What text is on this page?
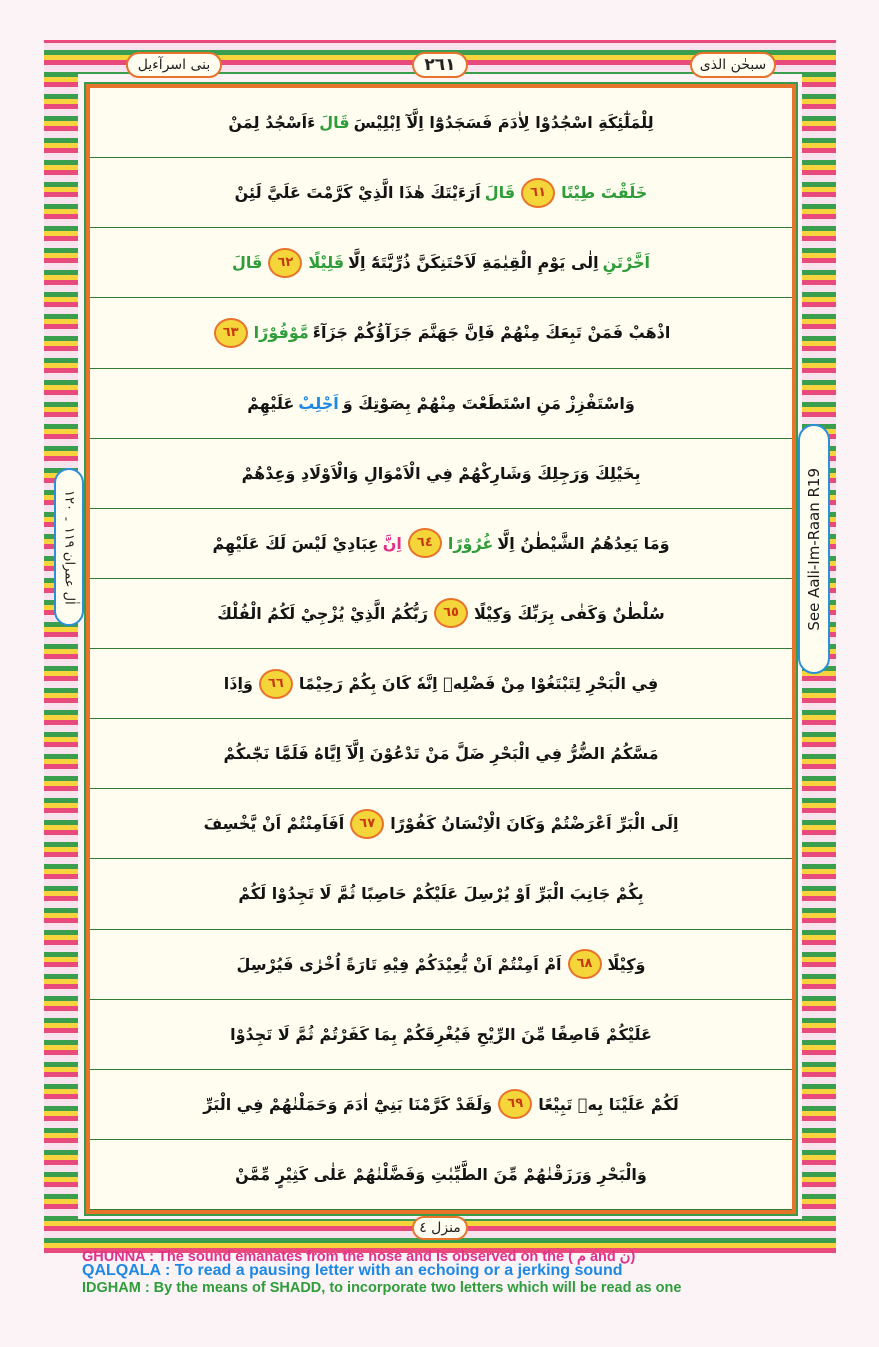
بنی اسرآءیل	٢٦١	سبحٰن الذی
لِلْمَلٰٓئِكَةِ اسْجُدُوْا لِاٰدَمَ فَسَجَدُوْٓا اِلَّآ اِبْلِيْسَ
قَالَ
ءَاَسْجُدُ لِمَنْ
خَلَقْتَ طِيْنًا
٦١
قَالَ
اَرَءَيْتَكَ هٰذَا الَّذِيْ كَرَّمْتَ عَلَيَّ لَئِنْ
اَخَّرْتَنِ
اِلٰى يَوْمِ الْقِيٰمَةِ لَاَحْتَنِكَنَّ ذُرِّيَّتَهٗٓ اِلَّا
قَلِيْلًا
٦٢
قَالَ
اذْهَبْ فَمَنْ تَبِعَكَ مِنْهُمْ فَاِنَّ جَهَنَّمَ جَزَآؤُكُمْ جَزَآءً
مَّوْفُوْرًا
٦٣
وَاسْتَفْزِزْ مَنِ اسْتَطَعْتَ مِنْهُمْ بِصَوْتِكَ وَ
اَجْلِبْ
عَلَيْهِمْ
بِخَيْلِكَ وَرَجِلِكَ وَشَارِكْهُمْ فِي الْاَمْوَالِ وَالْاَوْلَادِ وَعِدْهُمْ
وَمَا يَعِدُهُمُ الشَّيْطٰنُ اِلَّا
غُرُوْرًا
٦٤
اِنَّ
عِبَادِيْ لَيْسَ لَكَ عَلَيْهِمْ
سُلْطٰنٌ وَكَفٰى بِرَبِّكَ وَكِيْلًا
٦٥
رَبُّكُمُ الَّذِيْ يُزْجِيْ لَكُمُ الْفُلْكَ
فِي الْبَحْرِ لِتَبْتَغُوْا مِنْ فَضْلِهٖ اِنَّهٗ كَانَ بِكُمْ رَحِيْمًا
٦٦
وَاِذَا
مَسَّكُمُ الضُّرُّ فِي الْبَحْرِ ضَلَّ مَنْ تَدْعُوْنَ اِلَّآ اِيَّاهُ فَلَمَّا نَجّٰىكُمْ
اِلَى الْبَرِّ اَعْرَضْتُمْ وَكَانَ الْاِنْسَانُ كَفُوْرًا
٦٧
اَفَاَمِنْتُمْ اَنْ يَّخْسِفَ
بِكُمْ جَانِبَ الْبَرِّ اَوْ يُرْسِلَ عَلَيْكُمْ حَاصِبًا ثُمَّ لَا تَجِدُوْا لَكُمْ
وَكِيْلًا
٦٨
اَمْ اَمِنْتُمْ اَنْ يُّعِيْدَكُمْ فِيْهِ تَارَةً اُخْرٰى فَيُرْسِلَ
عَلَيْكُمْ قَاصِفًا مِّنَ الرِّيْحِ فَيُغْرِقَكُمْ بِمَا كَفَرْتُمْ ثُمَّ لَا تَجِدُوْا
لَكُمْ عَلَيْنَا بِهٖ تَبِيْعًا
٦٩
وَلَقَدْ كَرَّمْنَا بَنِيْٓ اٰدَمَ وَحَمَلْنٰهُمْ فِي الْبَرِّ
وَالْبَحْرِ وَرَزَقْنٰهُمْ مِّنَ الطَّيِّبٰتِ وَفَضَّلْنٰهُمْ عَلٰى كَثِيْرٍ مِّمَّنْ
اٰل عمران ۱۱۹ ۔ ۱۲۰	See Aali-Im-Raan R19
منزل ٤
GHUNNA : The sound emanates from the nose and is observed on the ( م and ن)
QALQALA : To read a pausing letter with an echoing or a jerking sound
IDGHAM : By the means of SHADD, to incorporate two letters which will be read as one
